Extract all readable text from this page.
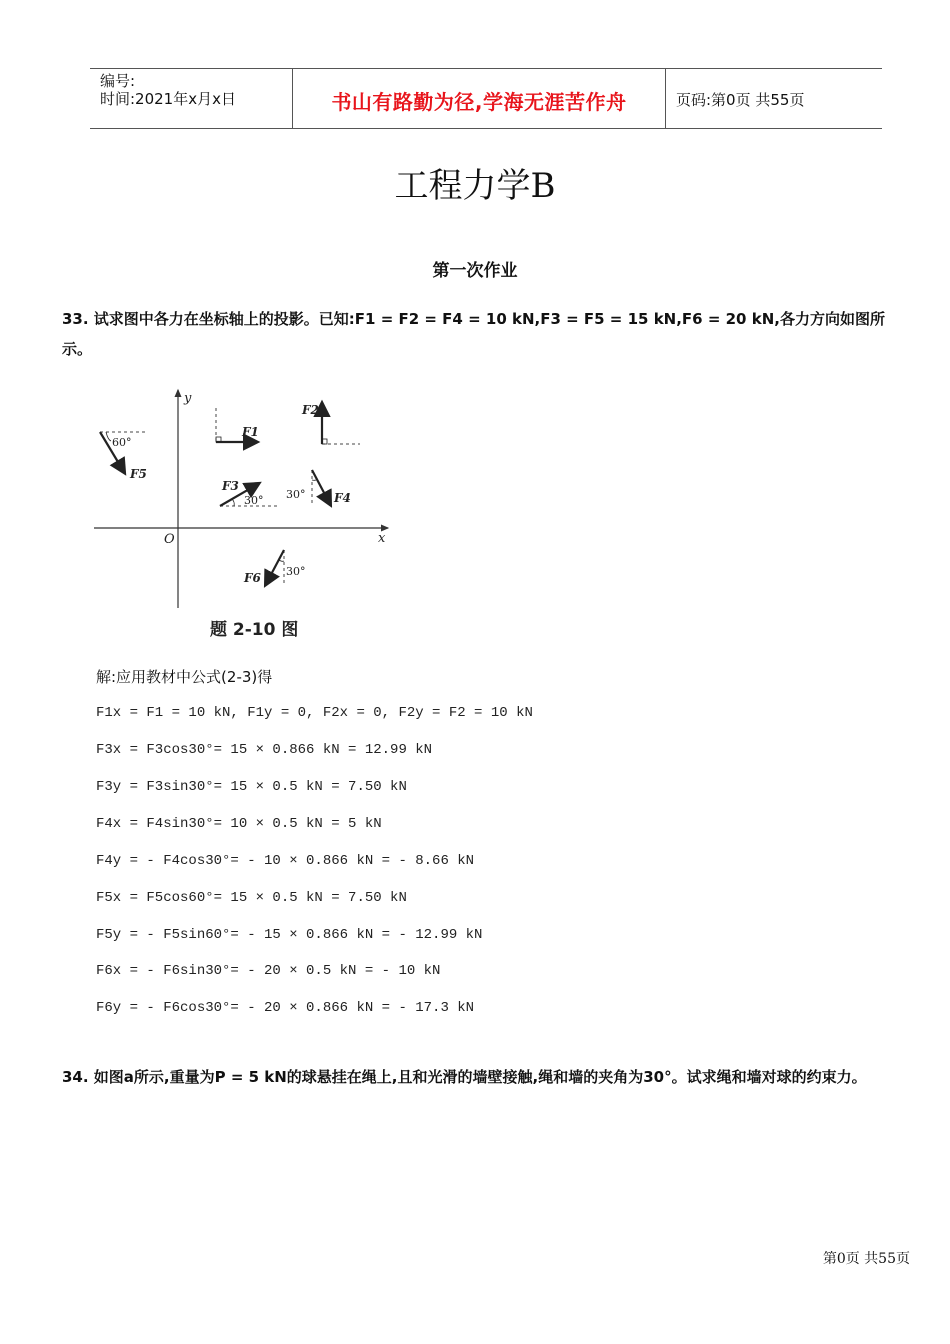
编号:
时间:2021年x月x日	书山有路勤为径,学海无涯苦作舟	页码:第0页 共55页
工程力学B
第一次作业
33. 试求图中各力在坐标轴上的投影。已知:F1 = F2 = F4 = 10 kN,F3 = F5 = 15 kN,F6 = 20 kN,各力方向如图所示。
x
y
O
F1
F2
60°
F5
30°
F3
30° F4
30°
F6
题 2-10 图
解:应用教材中公式(2-3)得
F1x = F1 = 10 kN, F1y = 0, F2x = 0, F2y = F2 = 10 kN
F3x = F3cos30°= 15 × 0.866 kN = 12.99 kN
F3y = F3sin30°= 15 × 0.5 kN = 7.50 kN
F4x = F4sin30°= 10 × 0.5 kN = 5 kN
F4y = - F4cos30°= - 10 × 0.866 kN = - 8.66 kN
F5x = F5cos60°= 15 × 0.5 kN = 7.50 kN
F5y = - F5sin60°= - 15 × 0.866 kN = - 12.99 kN
F6x = - F6sin30°= - 20 × 0.5 kN = - 10 kN
F6y = - F6cos30°= - 20 × 0.866 kN = - 17.3 kN
34. 如图a所示,重量为P = 5 kN的球悬挂在绳上,且和光滑的墙壁接触,绳和墙的夹角为30°。试求绳和墙对球的约束力。
第0页 共55页
